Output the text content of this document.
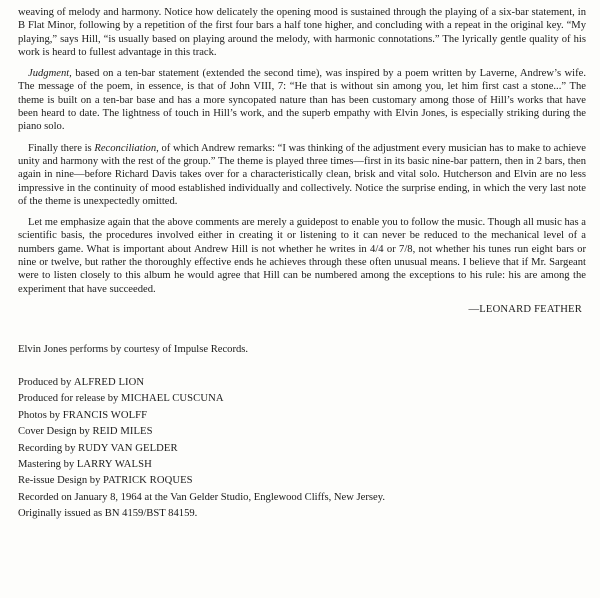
weaving of melody and harmony. Notice how delicately the opening mood is sustained through the playing of a six-bar statement, in B Flat Minor, following by a repetition of the first four bars a half tone higher, and concluding with a repeat in the original key. “My playing,” says Hill, “is usually based on playing around the melody, with harmonic connotations.” The lyrically gentle quality of his work is heard to fullest advantage in this track.

Judgment, based on a ten-bar statement (extended the second time), was inspired by a poem written by Laverne, Andrew’s wife. The message of the poem, in essence, is that of John VIII, 7: “He that is without sin among you, let him first cast a stone...” The theme is built on a ten-bar base and has a more syncopated nature than has been customary among those of Hill’s works that have been heard to date. The lightness of touch in Hill’s work, and the superb empathy with Elvin Jones, is especially striking during the piano solo.

Finally there is Reconciliation, of which Andrew remarks: “I was thinking of the adjustment every musician has to make to achieve unity and harmony with the rest of the group.” The theme is played three times—first in its basic nine-bar pattern, then in 2 bars, then again in nine—before Richard Davis takes over for a characteristically clean, brisk and vital solo. Hutcherson and Elvin are no less impressive in the continuity of mood established individually and collectively. Notice the surprise ending, in which the very last note of the theme is unexpectedly omitted.

Let me emphasize again that the above comments are merely a guidepost to enable you to follow the music. Though all music has a scientific basis, the procedures involved either in creating it or listening to it can never be reduced to the mechanical level of a numbers game. What is important about Andrew Hill is not whether he writes in 4/4 or 7/8, not whether his tunes run eight bars or nine or twelve, but rather the thoroughly effective ends he achieves through these often unusual means. I believe that if Mr. Sargeant were to listen closely to this album he would agree that Hill can be numbered among the exceptions to his rule: his are among the experiment that have succeeded.

—LEONARD FEATHER
Elvin Jones performs by courtesy of Impulse Records.
Produced by ALFRED LION
Produced for release by MICHAEL CUSCUNA
Photos by FRANCIS WOLFF
Cover Design by REID MILES
Recording by RUDY VAN GELDER
Mastering by LARRY WALSH
Re-issue Design by PATRICK ROQUES
Recorded on January 8, 1964 at the Van Gelder Studio, Englewood Cliffs, New Jersey.
Originally issued as BN 4159/BST 84159.
